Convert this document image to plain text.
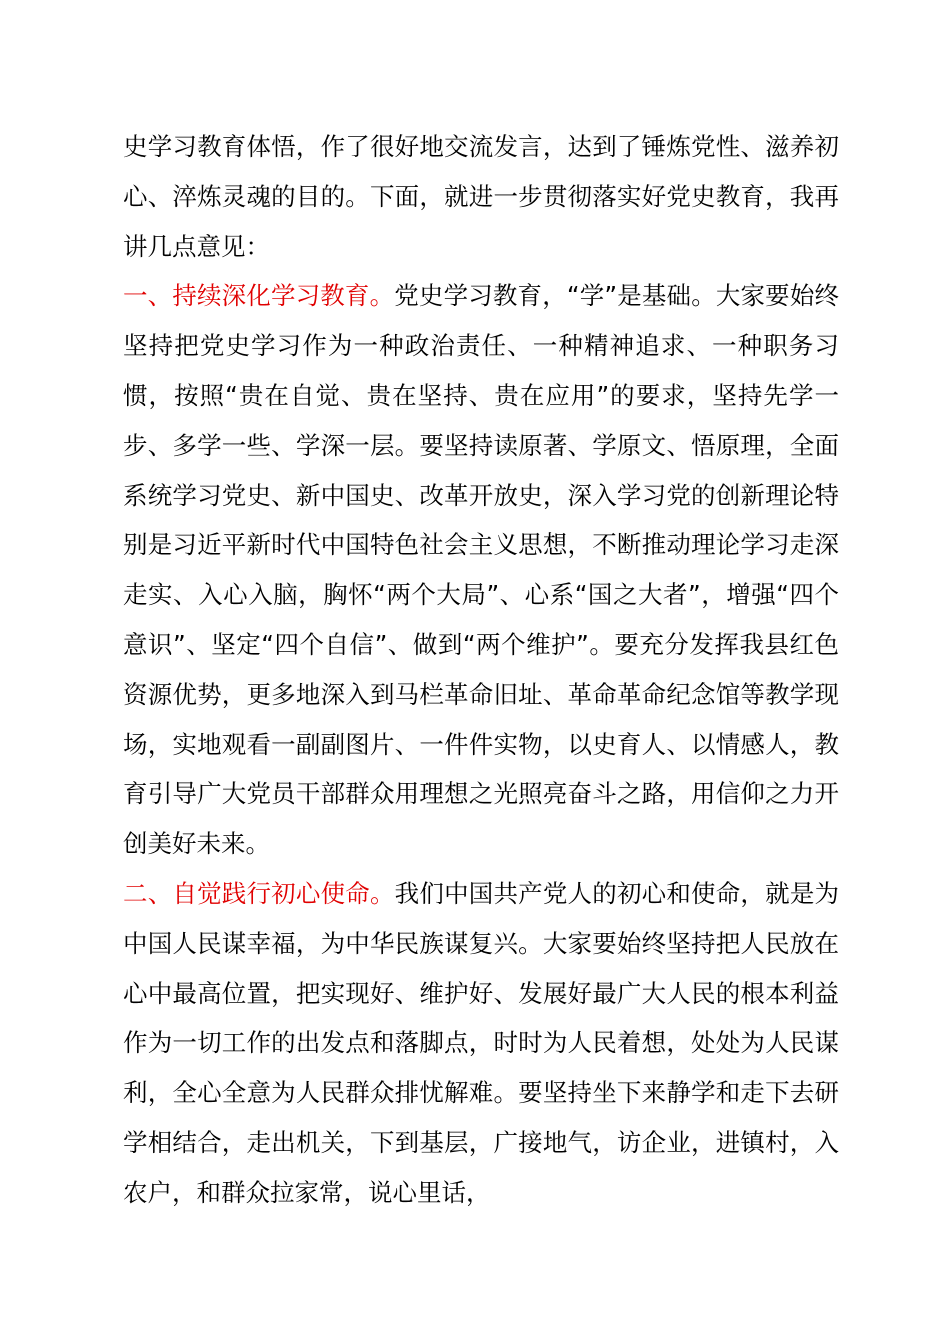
史学习教育体悟，作了很好地交流发言，达到了锤炼党性、滋养初心、淬炼灵魂的目的。下面，就进一步贯彻落实好党史教育，我再讲几点意见：

一、持续深化学习教育。党史学习教育，“学”是基础。大家要始终坚持把党史学习作为一种政治责任、一种精神追求、一种职务习惯，按照“贵在自觉、贵在坚持、贵在应用”的要求，坚持先学一步、多学一些、学深一层。要坚持读原著、学原文、悟原理，全面系统学习党史、新中国史、改革开放史，深入学习党的创新理论特别是习近平新时代中国特色社会主义思想，不断推动理论学习走深走实、入心入脑，胸怀“两个大局”、心系“国之大者”，增强“四个意识”、坚定“四个自信”、做到“两个维护”。要充分发挥我县红色资源优势，更多地深入到马栏革命旧址、革命革命纪念馆等教学现场，实地观看一副副图片、一件件实物，以史育人、以情感人，教育引导广大党员干部群众用理想之光照亮奋斗之路，用信仰之力开创美好未来。

二、自觉践行初心使命。我们中国共产党人的初心和使命，就是为中国人民谋幸福，为中华民族谋复兴。大家要始终坚持把人民放在心中最高位置，把实现好、维护好、发展好最广大人民的根本利益作为一切工作的出发点和落脚点，时时为人民着想，处处为人民谋利，全心全意为人民群众排忧解难。要坚持坐下来静学和走下去研学相结合，走出机关，下到基层，广接地气，访企业，进镇村，入农户，和群众拉家常，说心里话，
